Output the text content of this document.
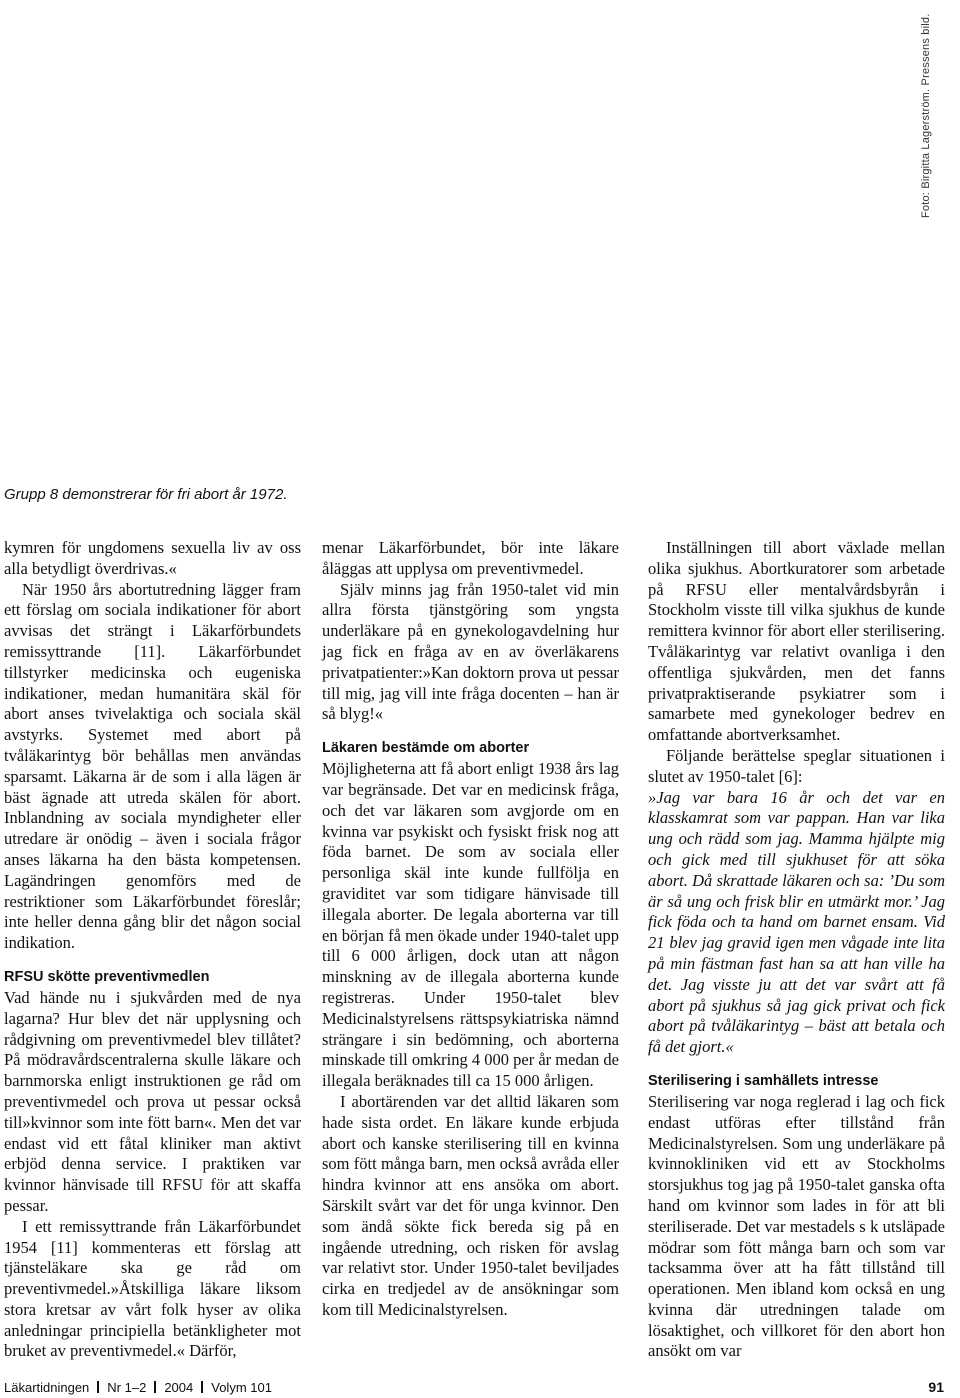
Foto: Birgitta Lagerström. Pressens bild.
Grupp 8 demonstrerar för fri abort år 1972.

kymren för ungdomens sexuella liv av oss alla betydligt överdrivas.«

När 1950 års abortutredning lägger fram ett förslag om sociala indikationer för abort avvisas det strängt i Läkarförbundets remissyttrande [11]. Läkarförbundet tillstyrker medicinska och eugeniska indikationer, medan humanitära skäl för abort anses tvivelaktiga och sociala skäl avstyrks. Systemet med abort på tvåläkarintyg bör behållas men användas sparsamt. Läkarna är de som i alla lägen är bäst ägnade att utreda skälen för abort. Inblandning av sociala myndigheter eller utredare är onödig – även i sociala frågor anses läkarna ha den bästa kompetensen. Lagändringen genomförs med de restriktioner som Läkarförbundet föreslår; inte heller denna gång blir det någon social indikation.

RFSU skötte preventivmedlen

Vad hände nu i sjukvården med de nya lagarna? Hur blev det när upplysning och rådgivning om preventivmedel blev tillåtet? På mödravårdscentralerna skulle läkare och barnmorska enligt instruktionen ge råd om preventivmedel och prova ut pessar också till»kvinnor som inte fött barn«. Men det var endast vid ett fåtal kliniker man aktivt erbjöd denna service. I praktiken var kvinnor hänvisade till RFSU för att skaffa pessar.

I ett remissyttrande från Läkarförbundet 1954 [11] kommenteras ett förslag att tjänsteläkare ska ge råd om preventivmedel.»Åtskilliga läkare liksom stora kretsar av vårt folk hyser av olika anledningar principiella betänkligheter mot bruket av preventivmedel.« Därför,

menar Läkarförbundet, bör inte läkare åläggas att upplysa om preventivmedel.

Själv minns jag från 1950-talet vid min allra första tjänstgöring som yngsta underläkare på en gynekologavdelning hur jag fick en fråga av en av överläkarens privatpatienter:»Kan doktorn prova ut pessar till mig, jag vill inte fråga docenten – han är så blyg!«

Läkaren bestämde om aborter

Möjligheterna att få abort enligt 1938 års lag var begränsade. Det var en medicinsk fråga, och det var läkaren som avgjorde om en kvinna var psykiskt och fysiskt frisk nog att föda barnet. De som av sociala eller personliga skäl inte kunde fullfölja en graviditet var som tidigare hänvisade till illegala aborter. De legala aborterna var till en början få men ökade under 1940-talet upp till 6 000 årligen, dock utan att någon minskning av de illegala aborterna kunde registreras. Under 1950-talet blev Medicinalstyrelsens rättspsykiatriska nämnd strängare i sin bedömning, och aborterna minskade till omkring 4 000 per år medan de illegala beräknades till ca 15 000 årligen.

I abortärenden var det alltid läkaren som hade sista ordet. En läkare kunde erbjuda abort och kanske sterilisering till en kvinna som fött många barn, men också avråda eller hindra kvinnor att ens ansöka om abort. Särskilt svårt var det för unga kvinnor. Den som ändå sökte fick bereda sig på en ingående utredning, och risken för avslag var relativt stor. Under 1950-talet beviljades cirka en tredjedel av de ansökningar som kom till Medicinalstyrelsen.

Inställningen till abort växlade mellan olika sjukhus. Abortkuratorer som arbetade på RFSU eller mentalvårdsbyrån i Stockholm visste till vilka sjukhus de kunde remittera kvinnor för abort eller sterilisering. Tvåläkarintyg var relativt ovanliga i den offentliga sjukvården, men det fanns privatpraktiserande psykiatrer som i samarbete med gynekologer bedrev en omfattande abortverksamhet.

Följande berättelse speglar situationen i slutet av 1950-talet [6]:

»Jag var bara 16 år och det var en klasskamrat som var pappan. Han var lika ung och rädd som jag. Mamma hjälpte mig och gick med till sjukhuset för att söka abort. Då skrattade läkaren och sa: ’Du som är så ung och frisk blir en utmärkt mor.’ Jag fick föda och ta hand om barnet ensam. Vid 21 blev jag gravid igen men vågade inte lita på min fästman fast han sa att han ville ha det. Jag visste ju att det var svårt att få abort på sjukhus så jag gick privat och fick abort på tvåläkarintyg – bäst att betala och få det gjort.«

Sterilisering i samhällets intresse

Sterilisering var noga reglerad i lag och fick endast utföras efter tillstånd från Medicinalstyrelsen. Som ung underläkare på kvinnokliniken vid ett av Stockholms storsjukhus tog jag på 1950-talet ganska ofta hand om kvinnor som lades in för att bli steriliserade. Det var mestadels s k utsläpade mödrar som fött många barn och som var tacksamma över att ha fått tillstånd till operationen. Men ibland kom också en ung kvinna där utredningen talade om lösaktighet, och villkoret för den abort hon ansökt om var

Läkartidningen Nr 1–2 2004 Volym 101	91
